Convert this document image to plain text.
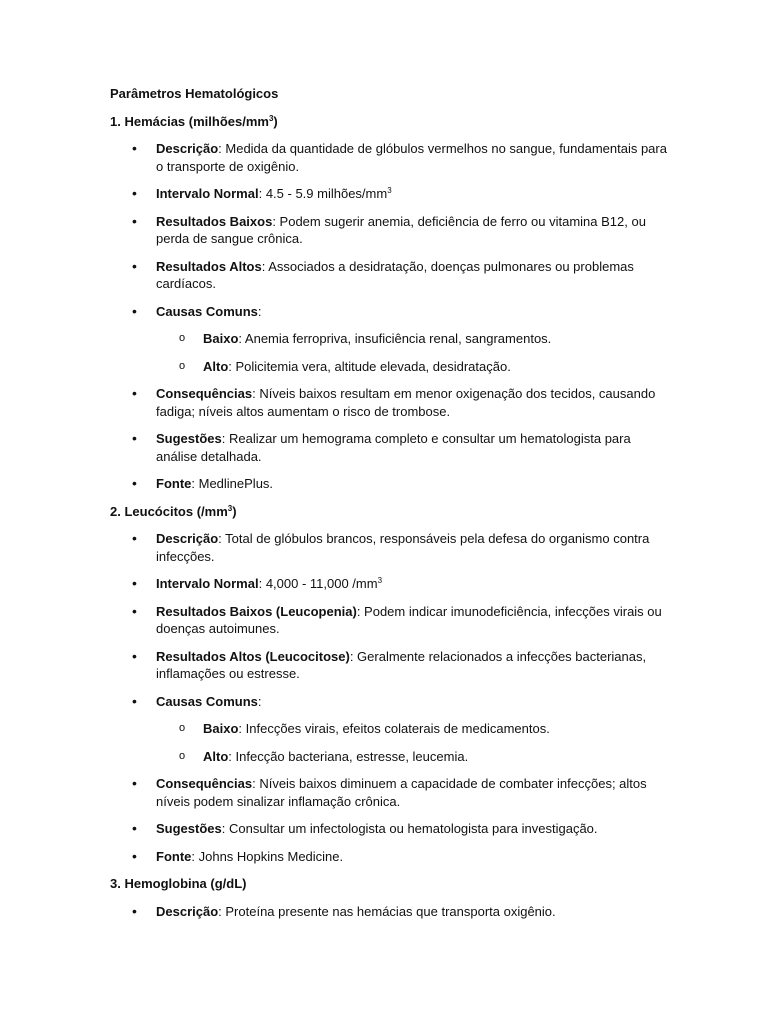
Parâmetros Hematológicos
1. Hemácias $(milhões/mm^3)$
• Descrição: Medida da quantidade de glóbulos vermelhos no sangue, fundamentais para o transporte de oxigênio.
• Intervalo Normal: 4.5 - 5.9 milhões/$mm^3$
• Resultados Baixos: Podem sugerir anemia, deficiência de ferro ou vitamina B12, ou perda de sangue crônica.
• Resultados Altos: Associados a desidratação, doenças pulmonares ou problemas cardíacos.
• Causas Comuns:
o Baixo: Anemia ferropriva, insuficiência renal, sangramentos.
o Alto: Policitemia vera, altitude elevada, desidratação.
• Consequências: Níveis baixos resultam em menor oxigenação dos tecidos, causando fadiga; níveis altos aumentam o risco de trombose.
• Sugestões: Realizar um hemograma completo e consultar um hematologista para análise detalhada.
• Fonte: MedlinePlus.
2. Leucócitos $(/mm^3)$
• Descrição: Total de glóbulos brancos, responsáveis pela defesa do organismo contra infecções.
• Intervalo Normal: 4,000 - 11,000 $/mm^3$
• Resultados Baixos (Leucopenia): Podem indicar imunodeficiência, infecções virais ou doenças autoimunes.
• Resultados Altos (Leucocitose): Geralmente relacionados a infecções bacterianas, inflamações ou estresse.
• Causas Comuns:
o Baixo: Infecções virais, efeitos colaterais de medicamentos.
o Alto: Infecção bacteriana, estresse, leucemia.
• Consequências: Níveis baixos diminuem a capacidade de combater infecções; altos níveis podem sinalizar inflamação crônica.
• Sugestões: Consultar um infectologista ou hematologista para investigação.
• Fonte: Johns Hopkins Medicine.
3. Hemoglobina (g/dL)
• Descrição: Proteína presente nas hemácias que transporta oxigênio.
